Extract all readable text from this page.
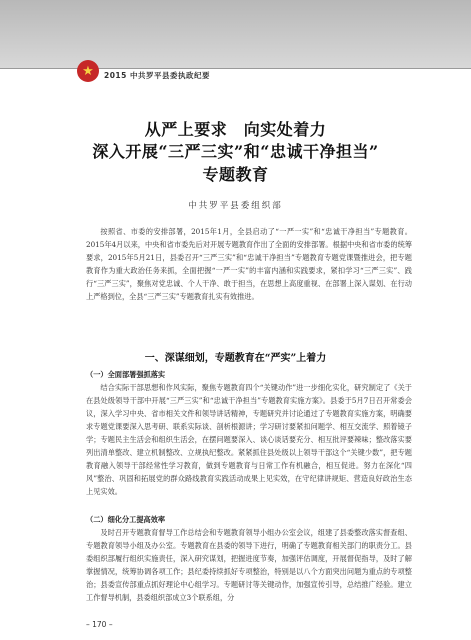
★ 2015 中共罗平县委执政纪要
从严上要求　向实处着力
深入开展“三严三实”和“忠诚干净担当”
专题教育
中共罗平县委组织部

按照省、市委的安排部署，2015年1月，全县启动了“一严一实”和“忠诚干净担当”专题教育。2015年4月以来，中央和省市委先后对开展专题教育作出了全面的安排部署。根据中央和省市委的统筹要求，2015年5月21日，县委召开“三严三实”和“忠诚干净担当”专题教育专题党课暨推进会，把专题教育作为重大政治任务来抓，全面把握“一严一实”的丰富内涵和实践要求，紧扣学习“三严三实”、践行“三严三实”，聚焦对党忠诚、个人干净、敢于担当，在思想上高度重视、在部署上深入谋划、在行动上严格到位，全县“三严三实”专题教育扎实有效推进。

一、深谋细划，专题教育在“严实”上着力
（一）全面部署强抓落实

结合实际干部思想和作风实际，聚焦专题教育四个“关键动作”进一步细化实化，研究制定了《关于在县处级领导干部中开展“三严三实”和“忠诚干净担当”专题教育实施方案》。县委于5月7日召开常委会议，深入学习中央、省市相关文件和领导讲话精神，专题研究并讨论通过了专题教育实施方案，明确要求专题党课要深入思考研、联系实际谈、剖析根源讲；学习研讨要紧扣问题学、相互交流学、照着镜子学；专题民主生活会和组织生活会，在摆问题要深入、谈心谈话要充分、相互批评要辣味；整改落实要列出清单整改、建立机制整改、立规执纪整改。紧紧抓住县处级以上领导干部这个“关键少数”，把专题教育融入领导干部经常性学习教育，做到专题教育与日常工作有机融合，相互促进。努力在深化“四风”整治、巩固和拓展党的群众路线教育实践活动成果上见实效，在守纪律讲规矩、营造良好政治生态上见实效。

（二）细化分工提高效率

及时召开专题教育督导工作总结会和专题教育领导小组办公室会议，组建了县委整改落实督查组、专题教育领导小组及办公室。专题教育在县委的领导下进行，明确了专题教育相关部门的职责分工。县委组织部履行组织实施责任，深入研究谋划，把握进度节奏，加强评估调度，开展督促指导，及时了解掌握情况，统筹协调各项工作；县纪委持续抓好专项整治，特别是以八个方面突出问题为重点的专项整治；县委宣传部重点抓好理论中心组学习。专题研讨等关键动作，加强宣传引导，总结推广经验。建立工作督导机制，县委组织部成立3个联系组，分

– 170 –
